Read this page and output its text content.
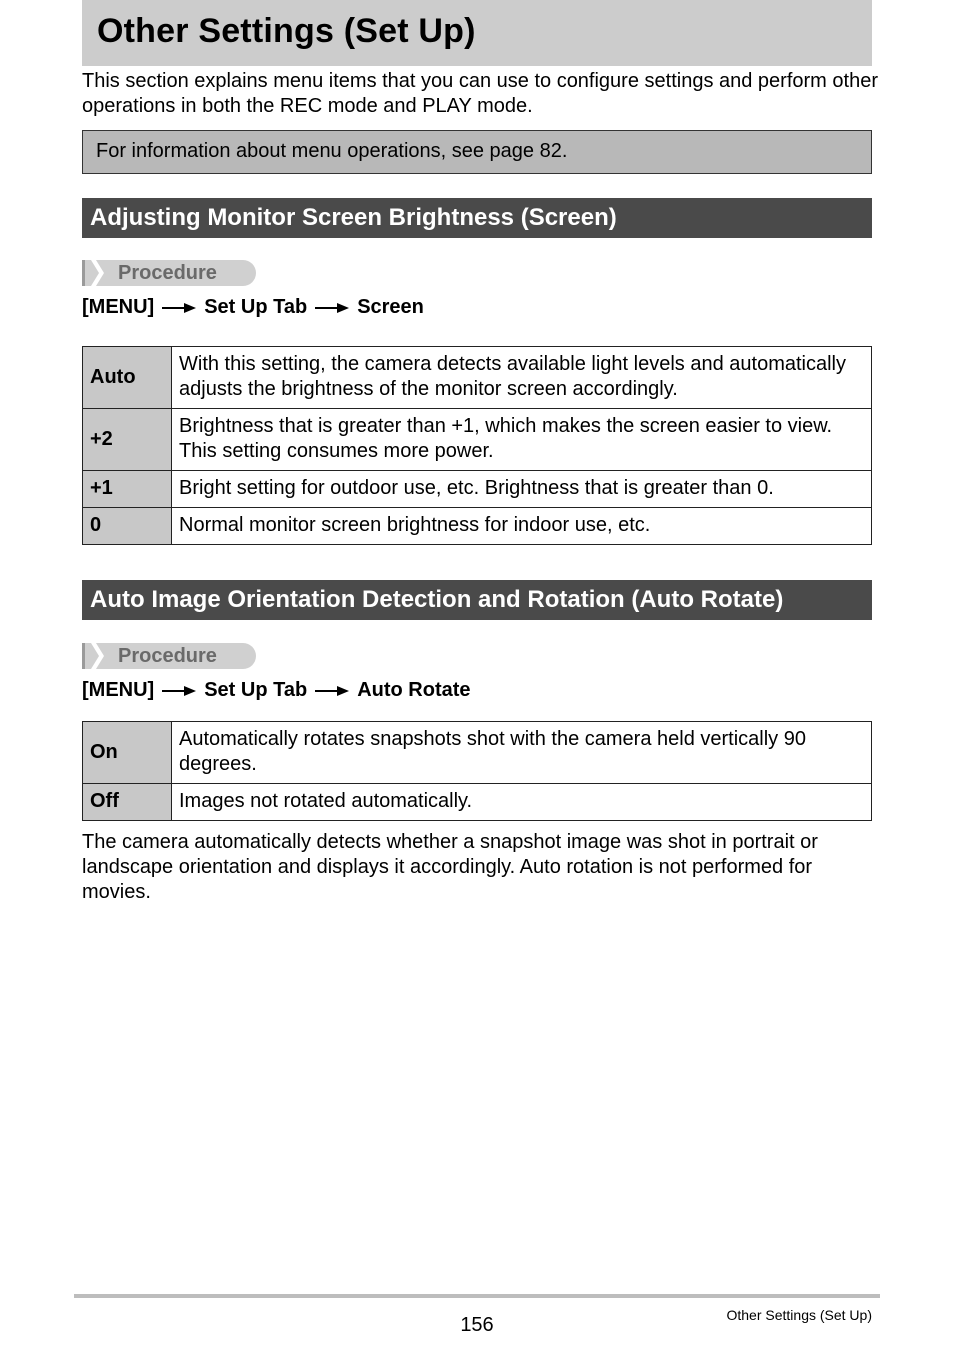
Other Settings (Set Up)
This section explains menu items that you can use to configure settings and perform other operations in both the REC mode and PLAY mode.
For information about menu operations, see page 82.
Adjusting Monitor Screen Brightness (Screen)
Procedure
[MENU]	Set Up Tab	Screen
Auto	With this setting, the camera detects available light levels and automatically adjusts the brightness of the monitor screen accordingly.
+2	Brightness that is greater than +1, which makes the screen easier to view. This setting consumes more power.
+1	Bright setting for outdoor use, etc. Brightness that is greater than 0.
0	Normal monitor screen brightness for indoor use, etc.
Auto Image Orientation Detection and Rotation (Auto Rotate)
Procedure
[MENU]	Set Up Tab	Auto Rotate
On	Automatically rotates snapshots shot with the camera held vertically 90 degrees.
Off	Images not rotated automatically.
The camera automatically detects whether a snapshot image was shot in portrait or landscape orientation and displays it accordingly. Auto rotation is not performed for movies.
156	Other Settings (Set Up)
